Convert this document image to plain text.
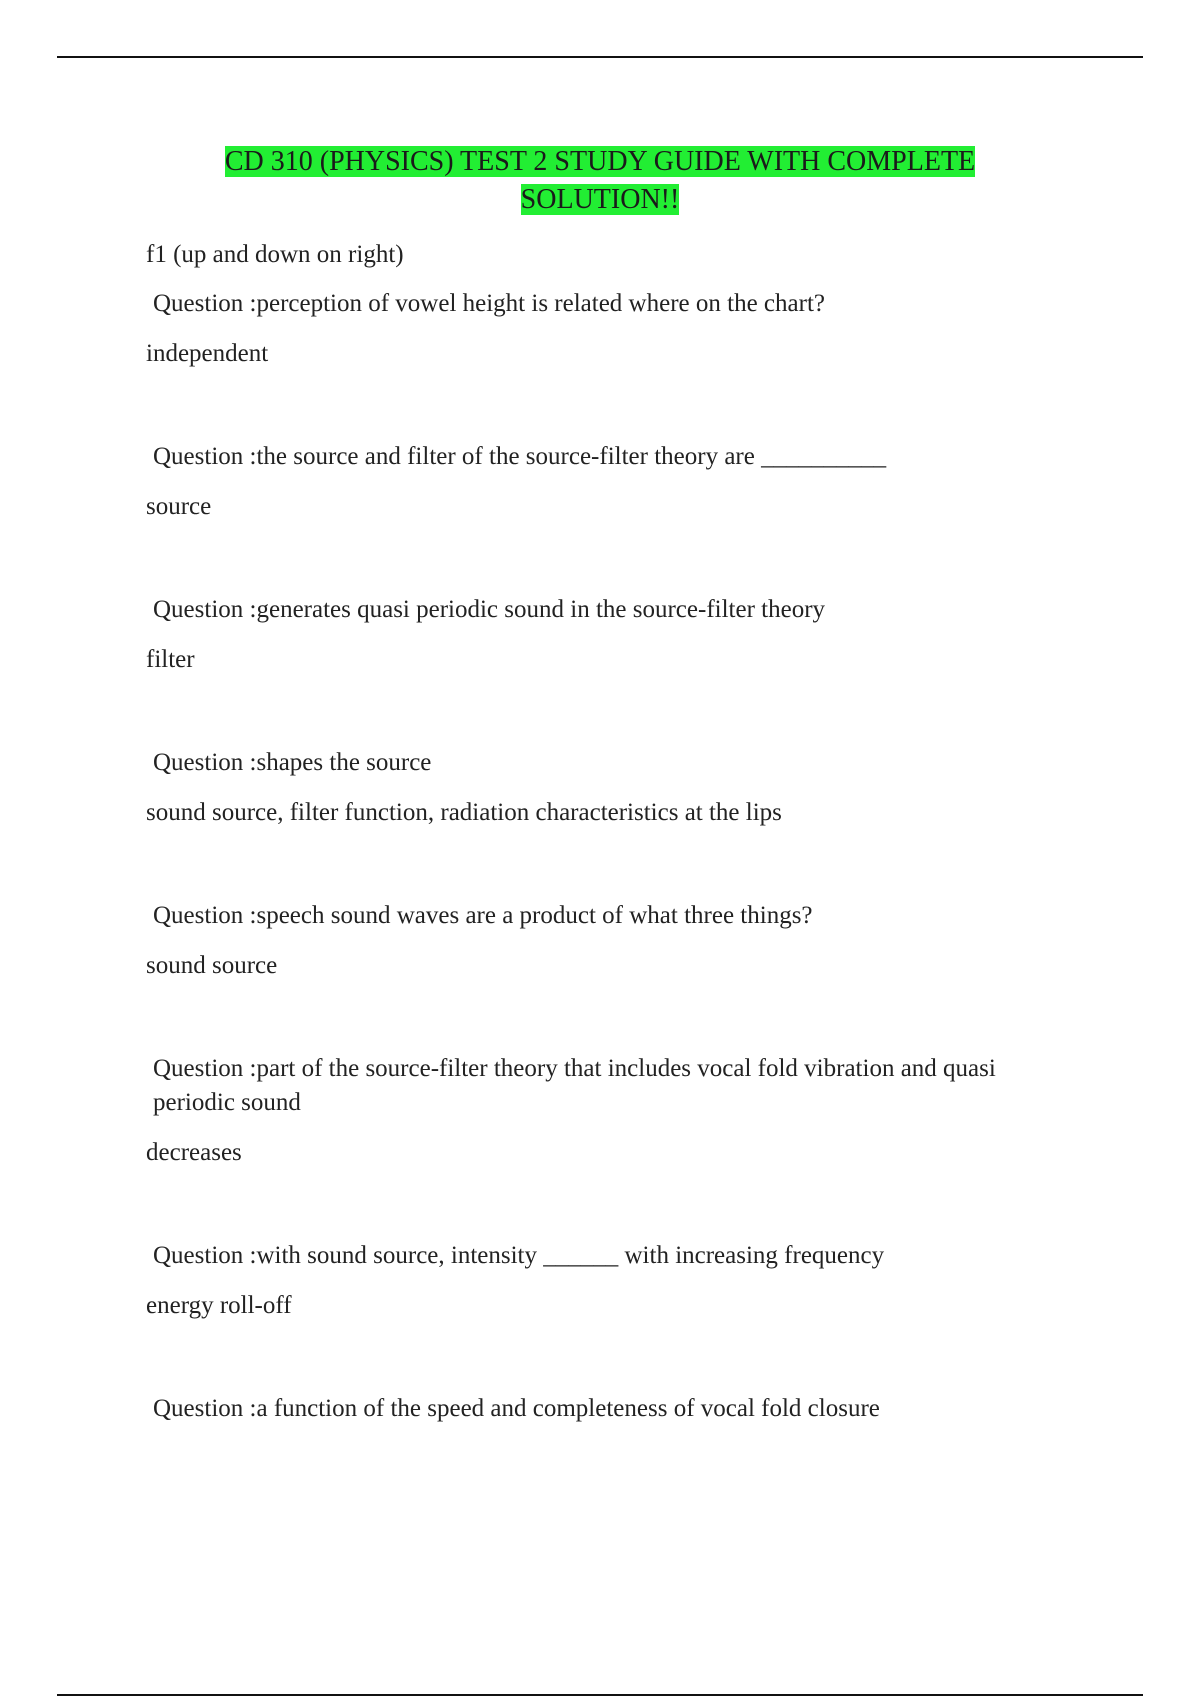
CD 310 (PHYSICS) TEST 2 STUDY GUIDE WITH COMPLETE
SOLUTION!!

f1 (up and down on right)

Question :perception of vowel height is related where on the chart?

independent

Question :the source and filter of the source-filter theory are __________

source

Question :generates quasi periodic sound in the source-filter theory

filter

Question :shapes the source

sound source, filter function, radiation characteristics at the lips

Question :speech sound waves are a product of what three things?

sound source

Question :part of the source-filter theory that includes vocal fold vibration and quasi periodic sound

decreases

Question :with sound source, intensity ______ with increasing frequency

energy roll-off

Question :a function of the speed and completeness of vocal fold closure
